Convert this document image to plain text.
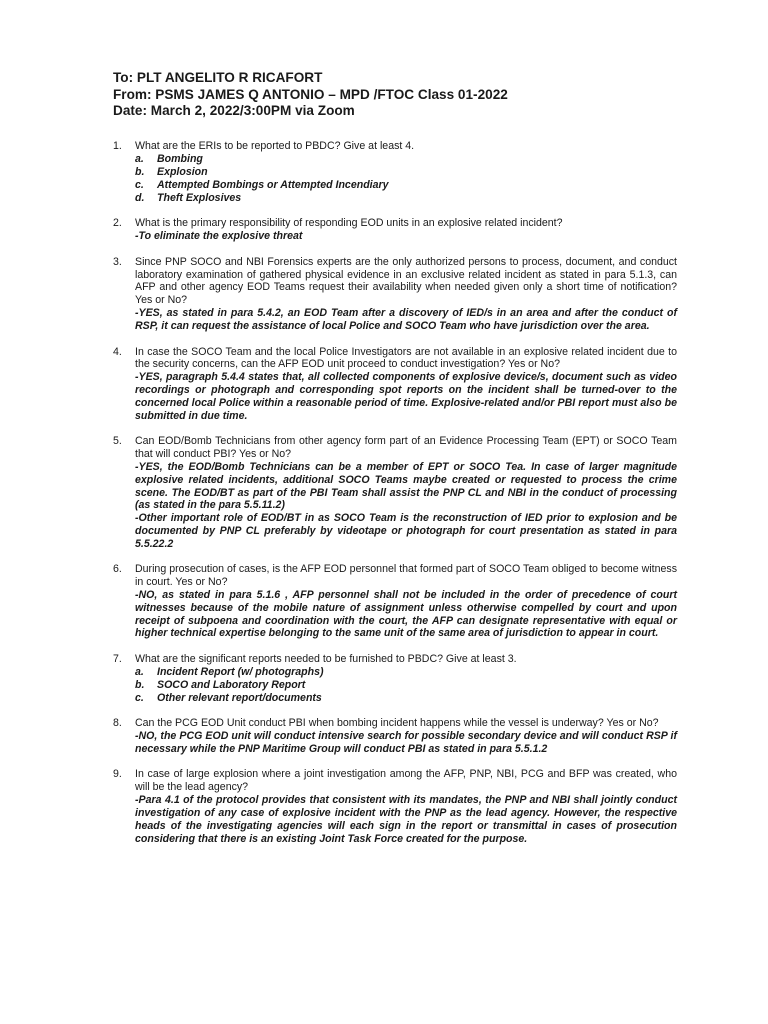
To: PLT ANGELITO R RICAFORT
From: PSMS JAMES Q ANTONIO – MPD /FTOC Class 01-2022
Date: March 2, 2022/3:00PM via Zoom
1. What are the ERIs to be reported to PBDC? Give at least 4.
a. Bombing
b. Explosion
c. Attempted Bombings or Attempted Incendiary
d. Theft Explosives
2. What is the primary responsibility of responding EOD units in an explosive related incident?
-To eliminate the explosive threat
3. Since PNP SOCO and NBI Forensics experts are the only authorized persons to process, document, and conduct laboratory examination of gathered physical evidence in an exclusive related incident as stated in para 5.1.3, can AFP and other agency EOD Teams request their availability when needed given only a short time of notification? Yes or No?
-YES, as stated in para 5.4.2, an EOD Team after a discovery of IED/s in an area and after the conduct of RSP, it can request the assistance of local Police and SOCO Team who have jurisdiction over the area.
4. In case the SOCO Team and the local Police Investigators are not available in an explosive related incident due to the security concerns, can the AFP EOD unit proceed to conduct investigation? Yes or No?
-YES, paragraph 5.4.4 states that, all collected components of explosive device/s, document such as video recordings or photograph and corresponding spot reports on the incident shall be turned-over to the concerned local Police within a reasonable period of time. Explosive-related and/or PBI report must also be submitted in due time.
5. Can EOD/Bomb Technicians from other agency form part of an Evidence Processing Team (EPT) or SOCO Team that will conduct PBI? Yes or No?
-YES, the EOD/Bomb Technicians can be a member of EPT or SOCO Tea. In case of larger magnitude explosive related incidents, additional SOCO Teams maybe created or requested to process the crime scene. The EOD/BT as part of the PBI Team shall assist the PNP CL and NBI in the conduct of processing (as stated in the para 5.5.11.2)
-Other important role of EOD/BT in as SOCO Team is the reconstruction of IED prior to explosion and be documented by PNP CL preferably by videotape or photograph for court presentation as stated in para 5.5.22.2
6. During prosecution of cases, is the AFP EOD personnel that formed part of SOCO Team obliged to become witness in court. Yes or No?
-NO, as stated in para 5.1.6 , AFP personnel shall not be included in the order of precedence of court witnesses because of the mobile nature of assignment unless otherwise compelled by court and upon receipt of subpoena and coordination with the court, the AFP can designate representative with equal or higher technical expertise belonging to the same unit of the same area of jurisdiction to appear in court.
7. What are the significant reports needed to be furnished to PBDC? Give at least 3.
a. Incident Report (w/ photographs)
b. SOCO and Laboratory Report
c. Other relevant report/documents
8. Can the PCG EOD Unit conduct PBI when bombing incident happens while the vessel is underway? Yes or No?
-NO, the PCG EOD unit will conduct intensive search for possible secondary device and will conduct RSP if necessary while the PNP Maritime Group will conduct PBI as stated in para 5.5.1.2
9. In case of large explosion where a joint investigation among the AFP, PNP, NBI, PCG and BFP was created, who will be the lead agency?
-Para 4.1 of the protocol provides that consistent with its mandates, the PNP and NBI shall jointly conduct investigation of any case of explosive incident with the PNP as the lead agency. However, the respective heads of the investigating agencies will each sign in the report or transmittal in cases of prosecution considering that there is an existing Joint Task Force created for the purpose.
